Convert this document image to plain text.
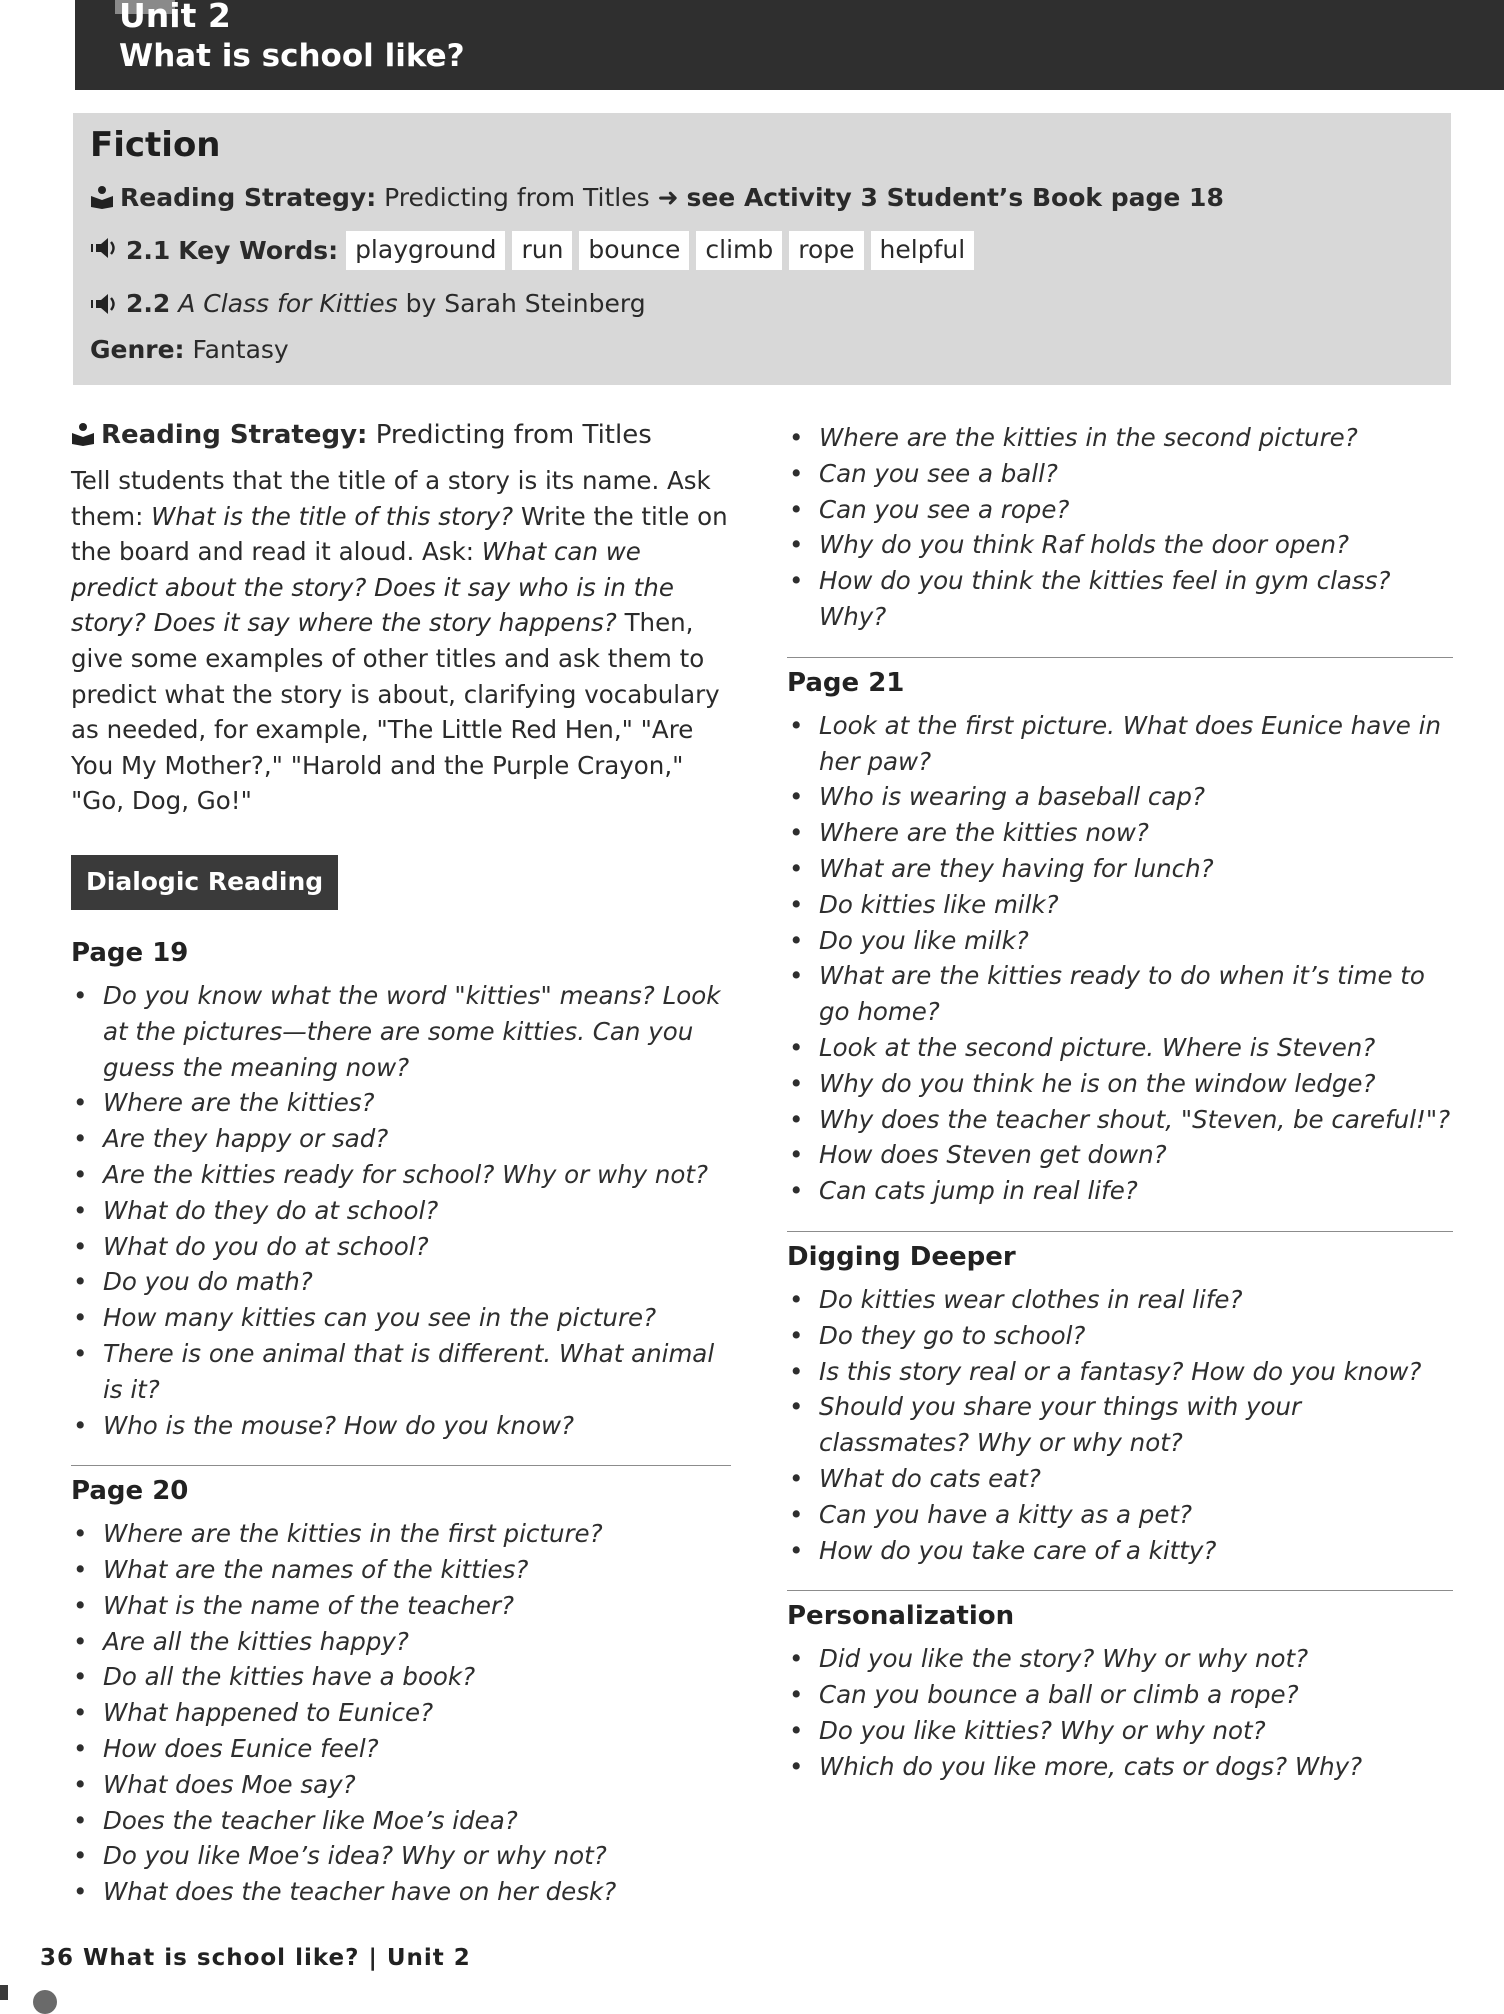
Unit 2
What is school like?
Fiction
Reading Strategy: Predicting from Titles ➜ see Activity 3 Student’s Book page 18
2.1
Key Words:
playground	run	bounce	climb	rope	helpful
2.2 A Class for Kitties by Sarah Steinberg
Genre: Fantasy
Reading Strategy: Predicting from Titles

Tell students that the title of a story is its name. Ask them: What is the title of this story? Write the title on the board and read it aloud. Ask: What can we predict about the story? Does it say who is in the story? Does it say where the story happens? Then, give some examples of other titles and ask them to predict what the story is about, clarifying vocabulary as needed, for example, "The Little Red Hen," "Are You My Mother?," "Harold and the Purple Crayon," "Go, Dog, Go!"

Dialogic Reading
Page 19
• Do you know what the word "kitties" means? Look at the pictures—there are some kitties. Can you guess the meaning now?
• Where are the kitties?
• Are they happy or sad?
• Are the kitties ready for school? Why or why not?
• What do they do at school?
• What do you do at school?
• Do you do math?
• How many kitties can you see in the picture?
• There is one animal that is different. What animal is it?
• Who is the mouse? How do you know?
Page 20
• Where are the kitties in the first picture?
• What are the names of the kitties?
• What is the name of the teacher?
• Are all the kitties happy?
• Do all the kitties have a book?
• What happened to Eunice?
• How does Eunice feel?
• What does Moe say?
• Does the teacher like Moe’s idea?
• Do you like Moe’s idea? Why or why not?
• What does the teacher have on her desk?
• Where are the kitties in the second picture?
• Can you see a ball?
• Can you see a rope?
• Why do you think Raf holds the door open?
• How do you think the kitties feel in gym class? Why?
Page 21
• Look at the first picture. What does Eunice have in her paw?
• Who is wearing a baseball cap?
• Where are the kitties now?
• What are they having for lunch?
• Do kitties like milk?
• Do you like milk?
• What are the kitties ready to do when it’s time to go home?
• Look at the second picture. Where is Steven?
• Why do you think he is on the window ledge?
• Why does the teacher shout, "Steven, be careful!"?
• How does Steven get down?
• Can cats jump in real life?
Digging Deeper
• Do kitties wear clothes in real life?
• Do they go to school?
• Is this story real or a fantasy? How do you know?
• Should you share your things with your classmates? Why or why not?
• What do cats eat?
• Can you have a kitty as a pet?
• How do you take care of a kitty?
Personalization
• Did you like the story? Why or why not?
• Can you bounce a ball or climb a rope?
• Do you like kitties? Why or why not?
• Which do you like more, cats or dogs? Why?
36 What is school like? | Unit 2
